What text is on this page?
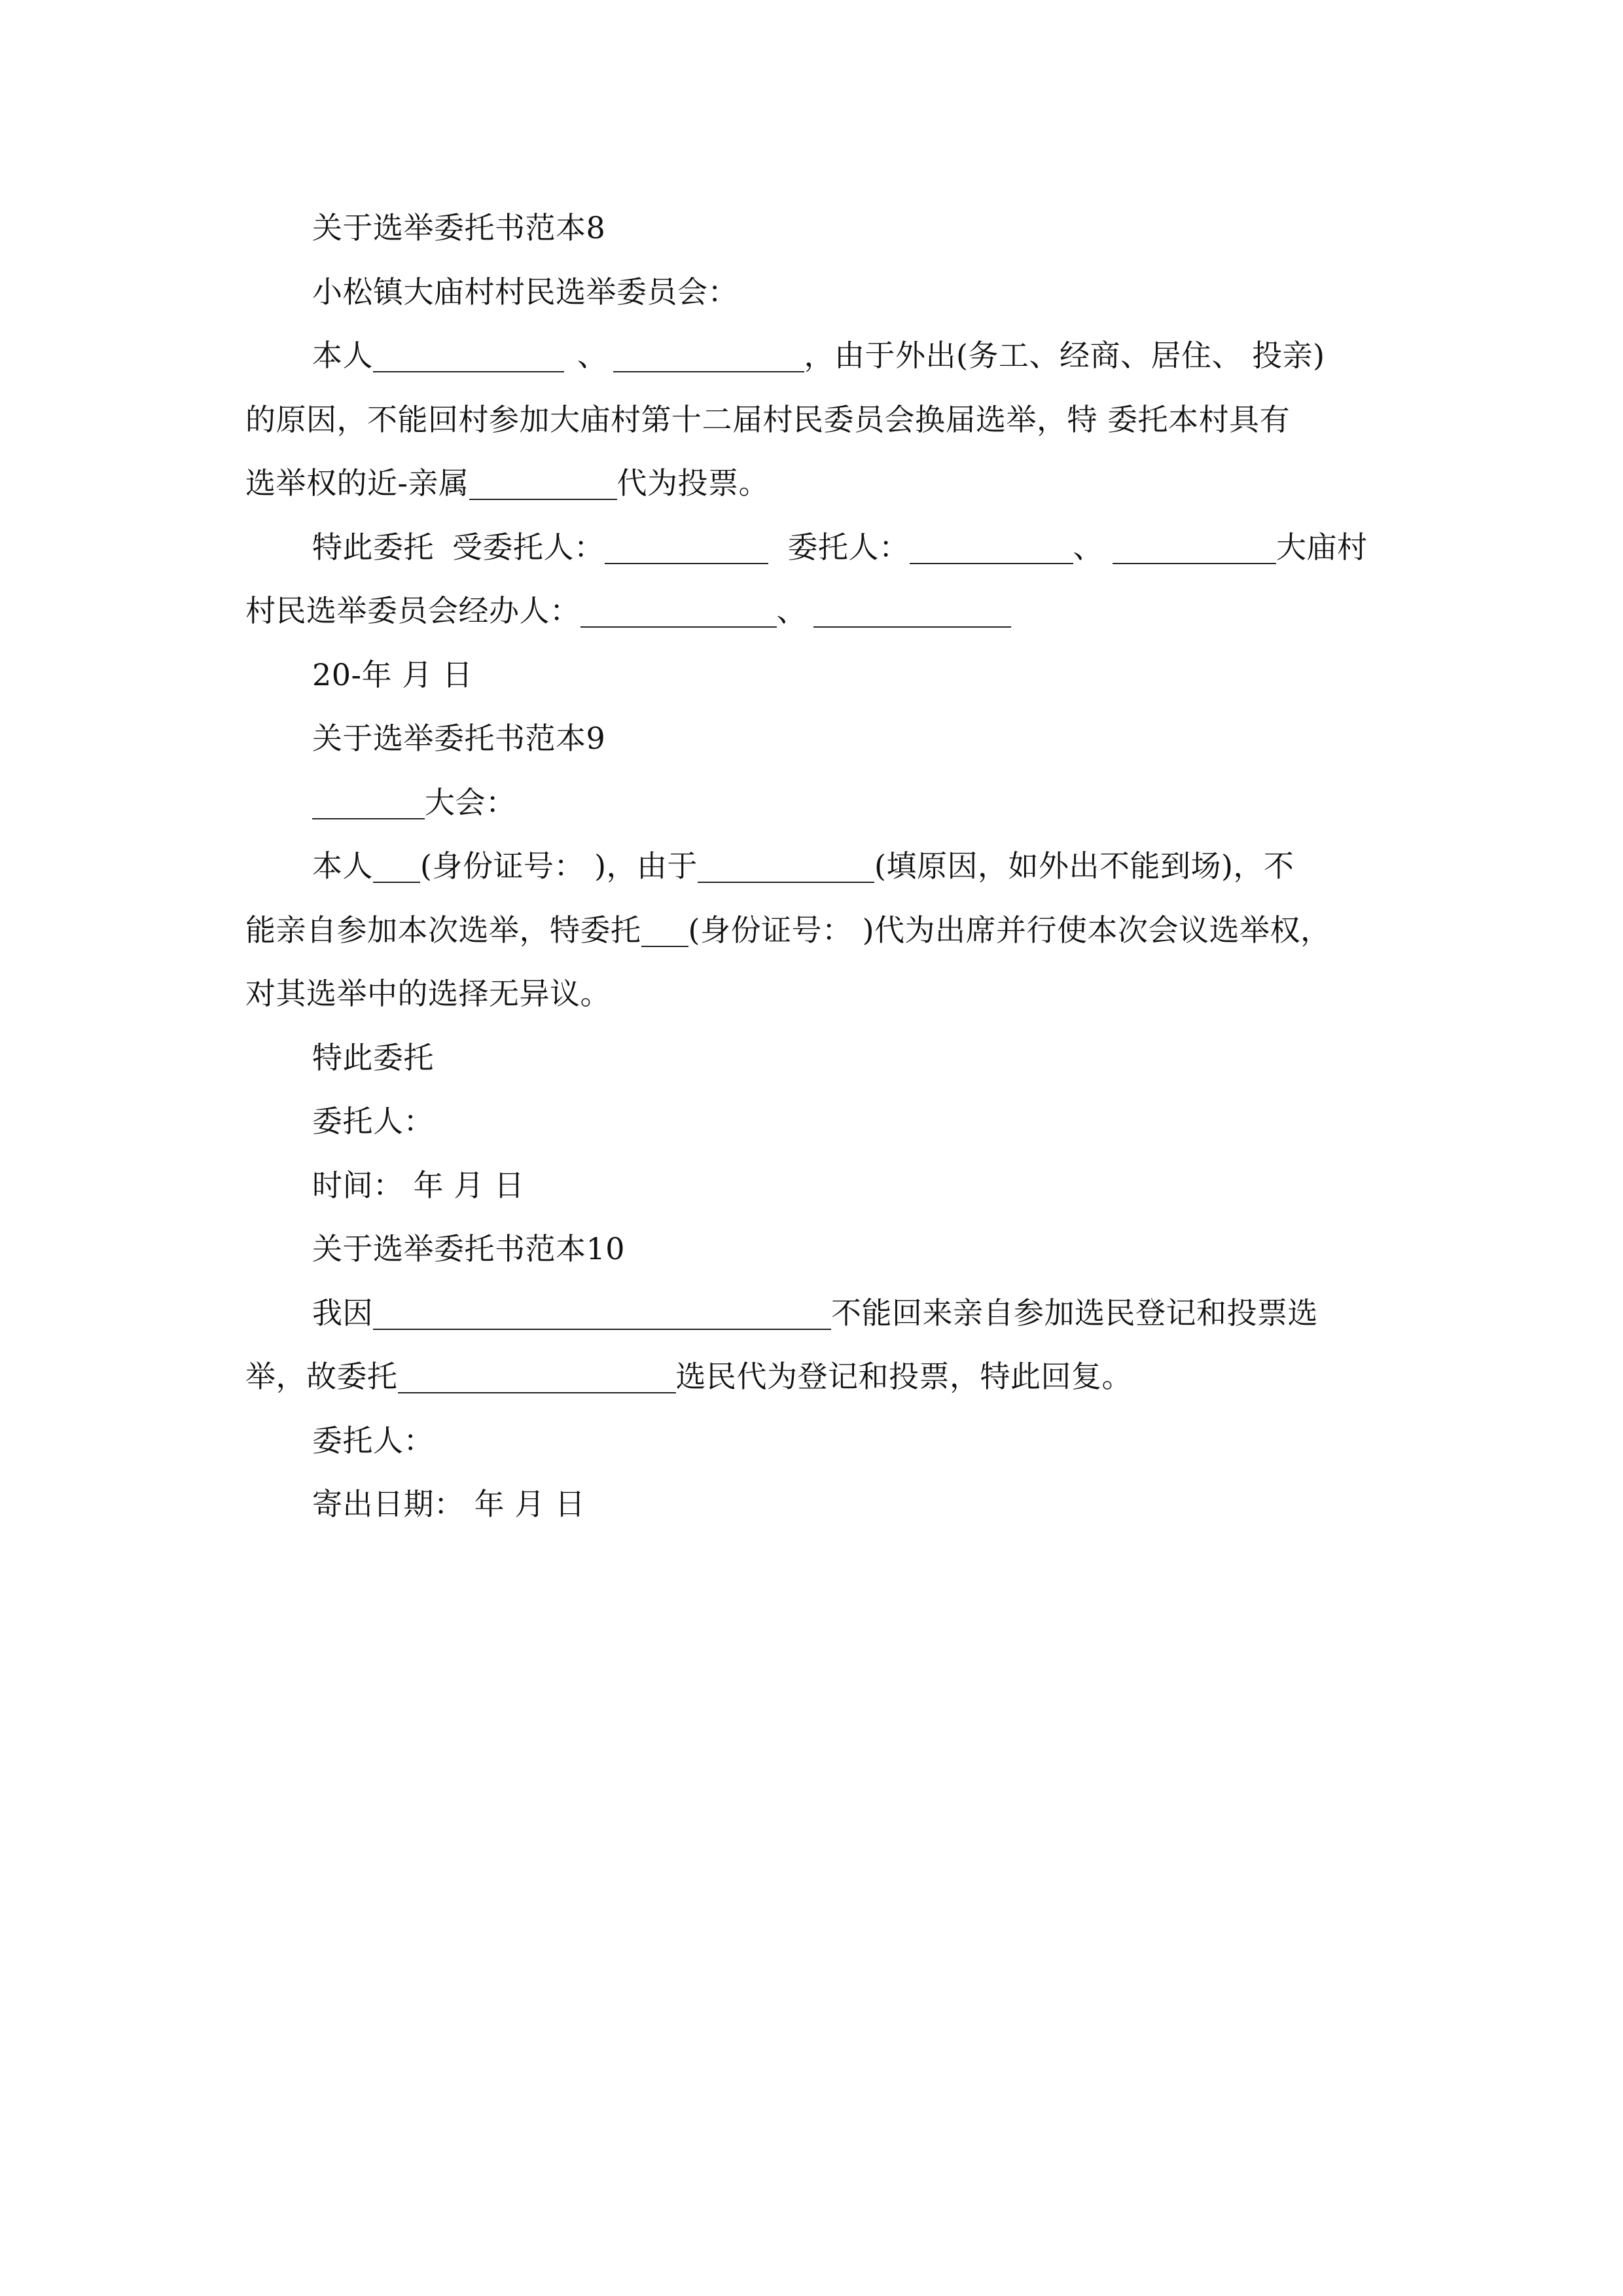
关于选举委托书范本8

小松镇大庙村村民选举委员会：

本人	、	，由于外出(务工、经商、居住、 投亲)

的原因，不能回村参加大庙村第十二届村民委员会换届选举，特 委托本村具有

选举权的近-亲属	代为投票。

特此委托 受委托人：	委托人：	、	大庙村

村民选举委员会经办人：	、

20-年 月 日

关于选举委托书范本9

大会：

本人 (身份证号： )，由于	(填原因，如外出不能到场)，不

能亲自参加本次选举，特委托 (身份证号： )代为出席并行使本次会议选举权，

对其选举中的选择无异议。

特此委托

委托人：

时间： 年 月 日

关于选举委托书范本10

我因	不能回来亲自参加选民登记和投票选

举，故委托	选民代为登记和投票，特此回复。

委托人：

寄出日期： 年 月 日
